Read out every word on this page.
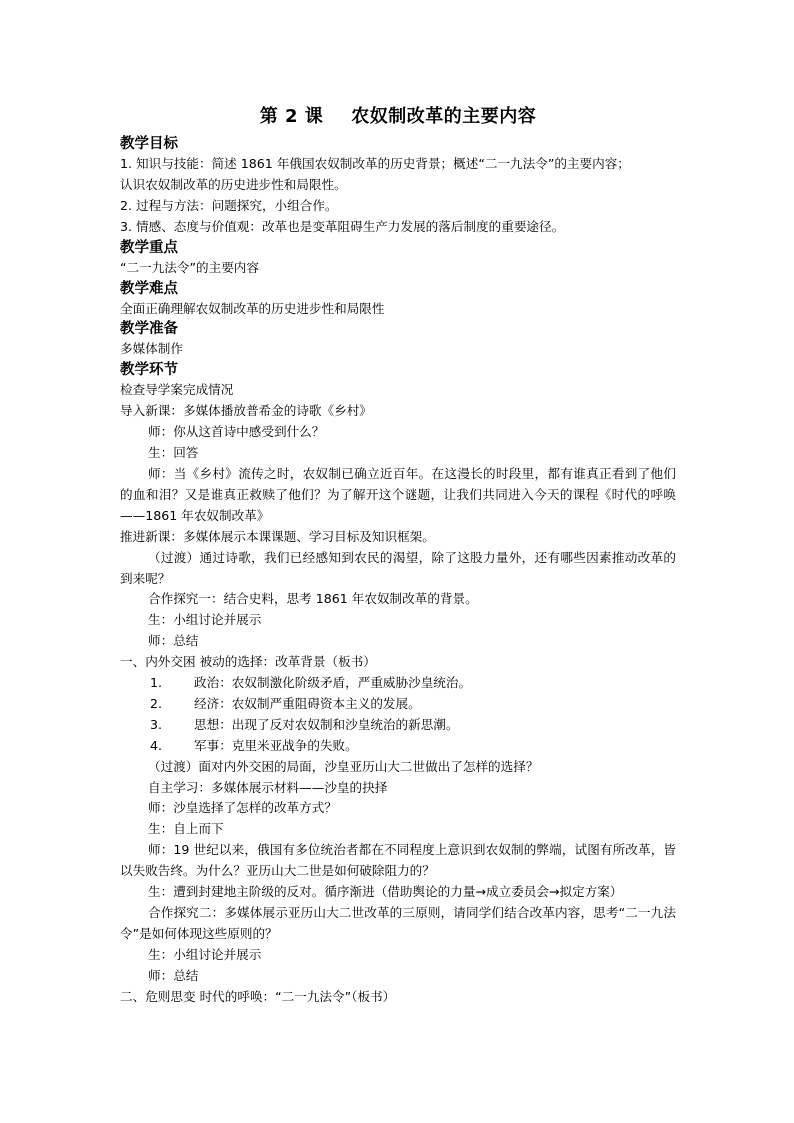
第 2 课 农奴制改革的主要内容
教学目标
1. 知识与技能：简述 1861 年俄国农奴制改革的历史背景；概述“二一九法令”的主要内容；
认识农奴制改革的历史进步性和局限性。
2. 过程与方法：问题探究，小组合作。
3. 情感、态度与价值观：改革也是变革阻碍生产力发展的落后制度的重要途径。
教学重点
“二一九法令”的主要内容
教学难点
全面正确理解农奴制改革的历史进步性和局限性
教学准备
多媒体制作
教学环节
检查导学案完成情况
导入新课：多媒体播放普希金的诗歌《乡村》
师：你从这首诗中感受到什么？
生：回答
师：当《乡村》流传之时，农奴制已确立近百年。在这漫长的时段里，都有谁真正看到了他们的血和泪？又是谁真正救赎了他们？为了解开这个谜题，让我们共同进入今天的课程《时代的呼唤——1861 年农奴制改革》
推进新课：多媒体展示本课课题、学习目标及知识框架。
（过渡）通过诗歌，我们已经感知到农民的渴望，除了这股力量外，还有哪些因素推动改革的到来呢？
合作探究一：结合史料，思考 1861 年农奴制改革的背景。
生：小组讨论并展示
师：总结
一、内外交困 被动的选择：改革背景（板书）
1.	政治：农奴制激化阶级矛盾，严重威胁沙皇统治。
2.	经济：农奴制严重阻碍资本主义的发展。
3.	思想：出现了反对农奴制和沙皇统治的新思潮。
4.	军事：克里米亚战争的失败。
（过渡）面对内外交困的局面，沙皇亚历山大二世做出了怎样的选择？
自主学习：多媒体展示材料——沙皇的抉择
师：沙皇选择了怎样的改革方式？
生：自上而下
师：19 世纪以来，俄国有多位统治者都在不同程度上意识到农奴制的弊端，试图有所改革，皆以失败告终。为什么？亚历山大二世是如何破除阻力的？
生：遭到封建地主阶级的反对。循序渐进（借助舆论的力量→成立委员会→拟定方案）
合作探究二：多媒体展示亚历山大二世改革的三原则，请同学们结合改革内容，思考“二一九法令”是如何体现这些原则的？
生：小组讨论并展示
师：总结
二、危则思变 时代的呼唤：“二一九法令”（板书）
